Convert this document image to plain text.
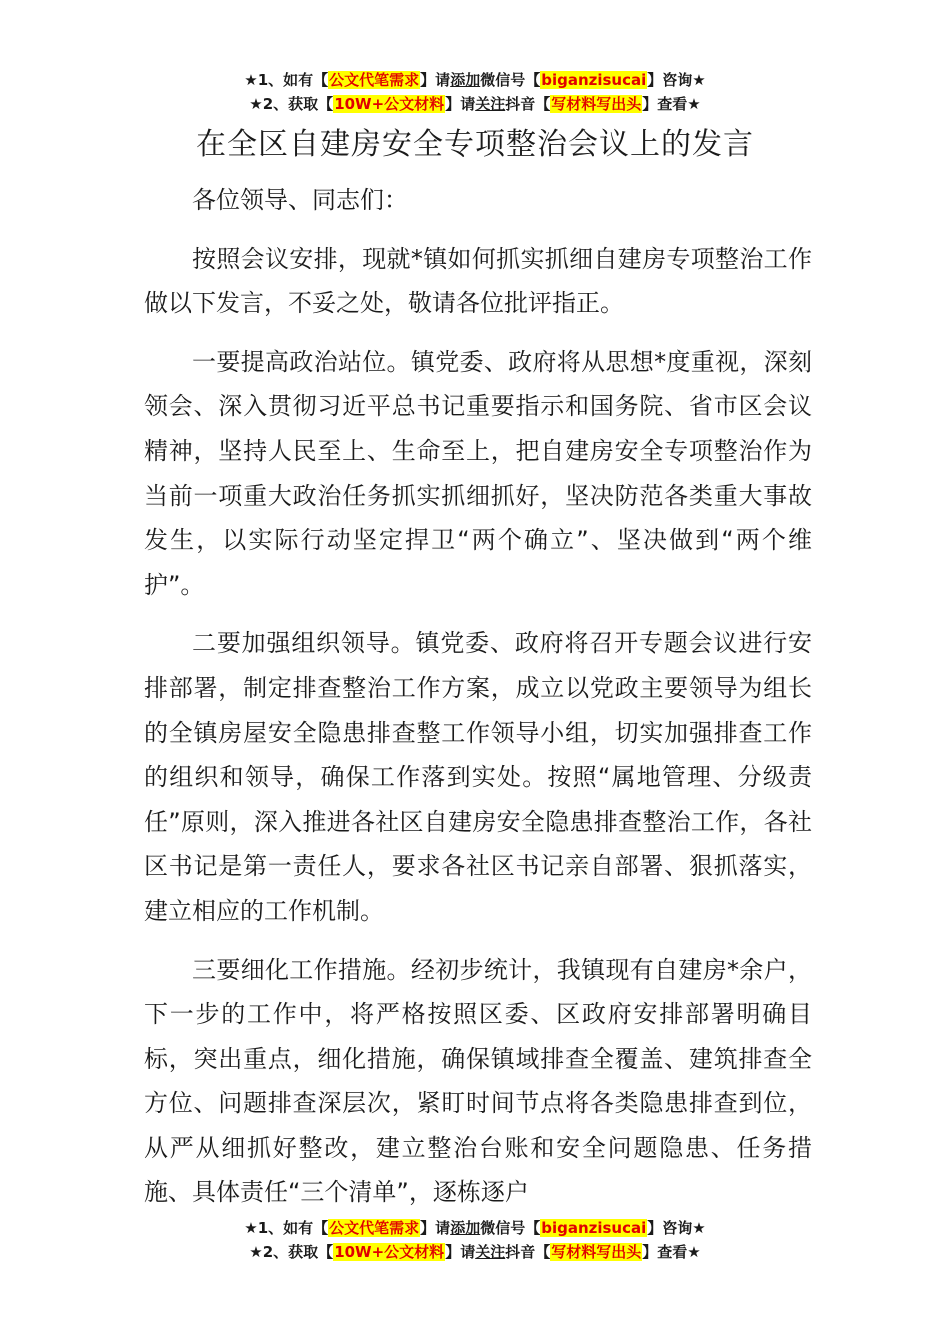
★1、如有【公文代笔需求】请添加微信号【biganzisucai】咨询★
★2、获取【10W+公文材料】请关注抖音【写材料写出头】查看★
在全区自建房安全专项整治会议上的发言

各位领导、同志们：

按照会议安排，现就*镇如何抓实抓细自建房专项整治工作做以下发言，不妥之处，敬请各位批评指正。

一要提高政治站位。镇党委、政府将从思想*度重视，深刻领会、深入贯彻习近平总书记重要指示和国务院、省市区会议精神，坚持人民至上、生命至上，把自建房安全专项整治作为当前一项重大政治任务抓实抓细抓好，坚决防范各类重大事故发生，以实际行动坚定捍卫“两个确立”、坚决做到“两个维护”。

二要加强组织领导。镇党委、政府将召开专题会议进行安排部署，制定排查整治工作方案，成立以党政主要领导为组长的全镇房屋安全隐患排查整工作领导小组，切实加强排查工作的组织和领导，确保工作落到实处。按照“属地管理、分级责任”原则，深入推进各社区自建房安全隐患排查整治工作，各社区书记是第一责任人，要求各社区书记亲自部署、狠抓落实，建立相应的工作机制。

三要细化工作措施。经初步统计，我镇现有自建房*余户，下一步的工作中，将严格按照区委、区政府安排部署明确目标，突出重点，细化措施，确保镇域排查全覆盖、建筑排查全方位、问题排查深层次，紧盯时间节点将各类隐患排查到位，从严从细抓好整改，建立整治台账和安全问题隐患、任务措施、具体责任“三个清单”，逐栋逐户

★1、如有【公文代笔需求】请添加微信号【biganzisucai】咨询★
★2、获取【10W+公文材料】请关注抖音【写材料写出头】查看★
